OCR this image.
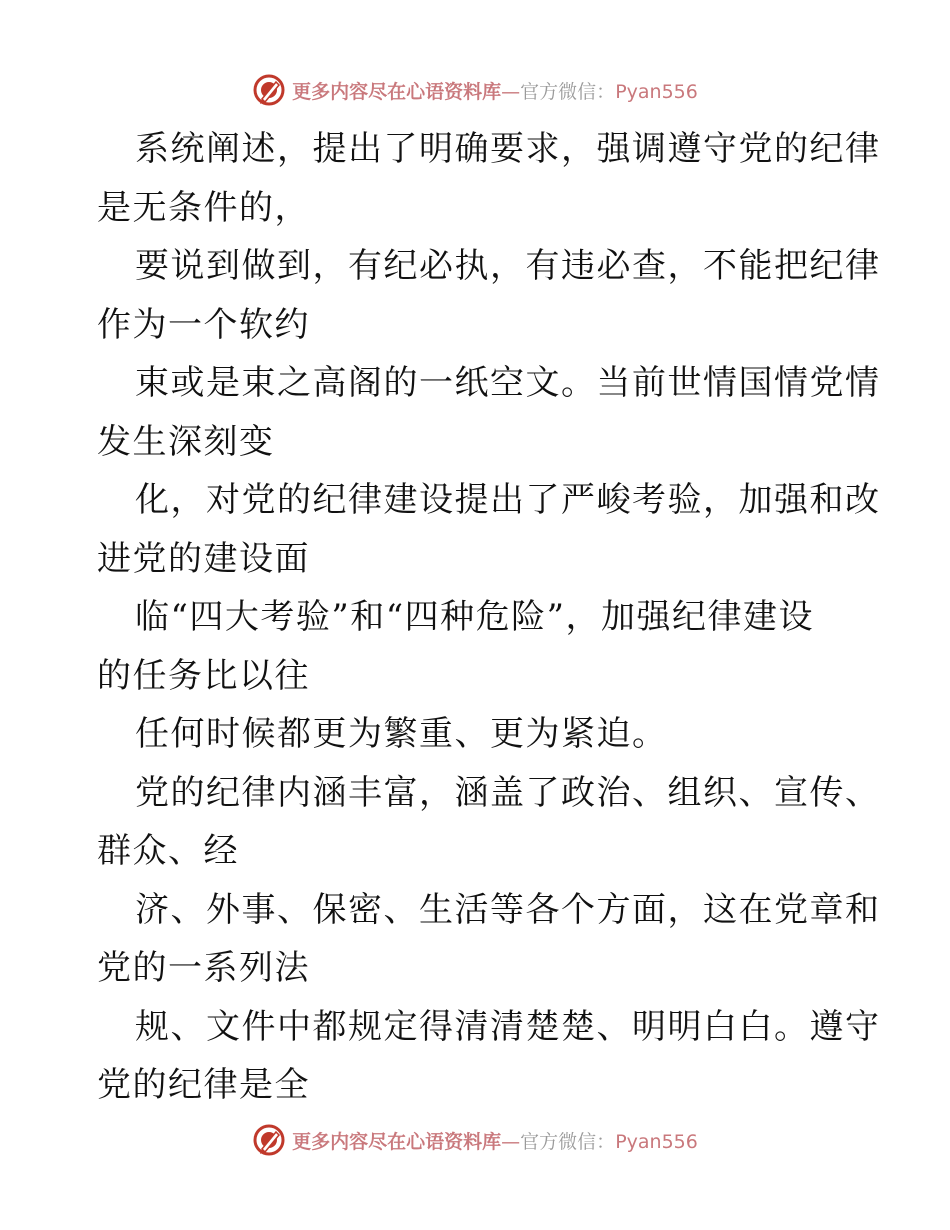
更多内容尽在心语资料库—官方微信：Pyan556
系统阐述，提出了明确要求，强调遵守党的纪律
是无条件的，
要说到做到，有纪必执，有违必查，不能把纪律
作为一个软约
束或是束之高阁的一纸空文。当前世情国情党情
发生深刻变
化，对党的纪律建设提出了严峻考验，加强和改
进党的建设面
临“四大考验”和“四种危险”，加强纪律建设
的任务比以往
任何时候都更为繁重、更为紧迫。
党的纪律内涵丰富，涵盖了政治、组织、宣传、
群众、经
济、外事、保密、生活等各个方面，这在党章和
党的一系列法
规、文件中都规定得清清楚楚、明明白白。遵守
党的纪律是全
更多内容尽在心语资料库—官方微信：Pyan556
